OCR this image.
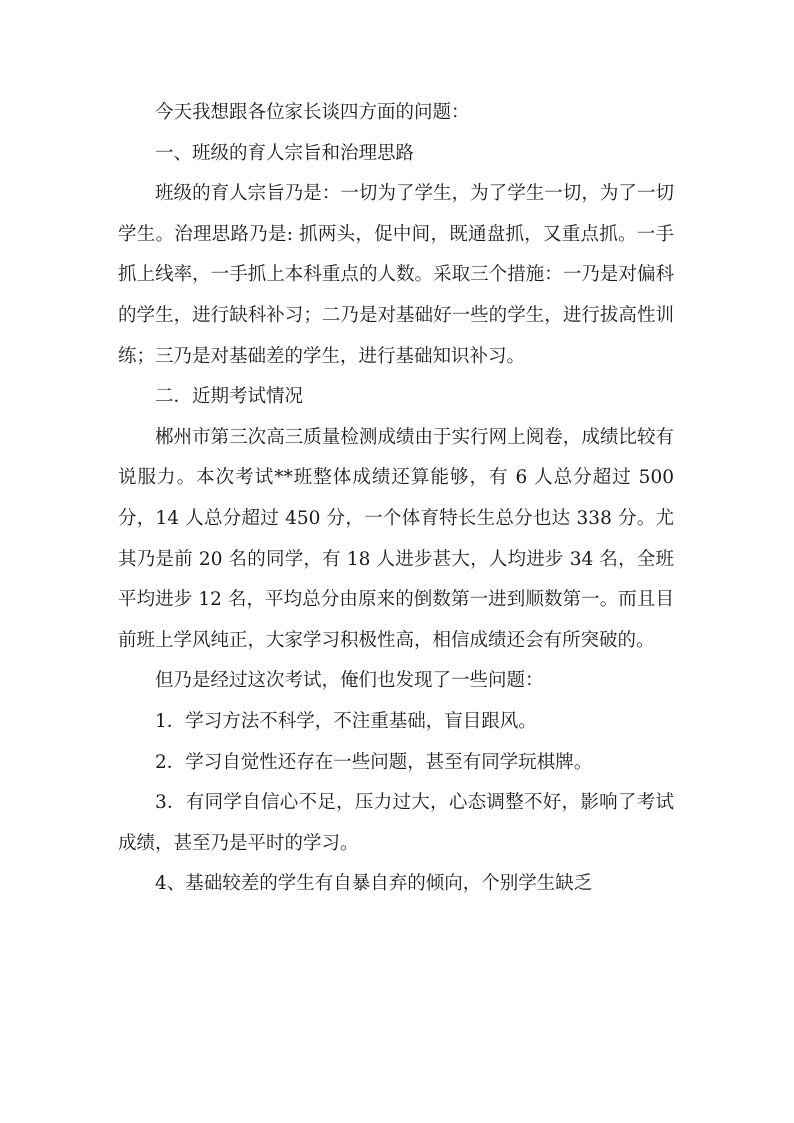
今天我想跟各位家长谈四方面的问题：

一、班级的育人宗旨和治理思路

班级的育人宗旨乃是：一切为了学生，为了学生一切，为了一切学生。治理思路乃是: 抓两头，促中间，既通盘抓，又重点抓。一手抓上线率，一手抓上本科重点的人数。采取三个措施：一乃是对偏科的学生，进行缺科补习；二乃是对基础好一些的学生，进行拔高性训练；三乃是对基础差的学生，进行基础知识补习。

二．近期考试情况

郴州市第三次高三质量检测成绩由于实行网上阅卷，成绩比较有说服力。本次考试**班整体成绩还算能够，有 6 人总分超过 500 分，14 人总分超过 450 分，一个体育特长生总分也达 338 分。尤其乃是前 20 名的同学，有 18 人进步甚大，人均进步 34 名，全班平均进步 12 名，平均总分由原来的倒数第一进到顺数第一。而且目前班上学风纯正，大家学习积极性高，相信成绩还会有所突破的。

但乃是经过这次考试，俺们也发现了一些问题：

1．学习方法不科学，不注重基础，盲目跟风。

2．学习自觉性还存在一些问题，甚至有同学玩棋牌。

3．有同学自信心不足，压力过大，心态调整不好，影响了考试成绩，甚至乃是平时的学习。

4、基础较差的学生有自暴自弃的倾向，个别学生缺乏
